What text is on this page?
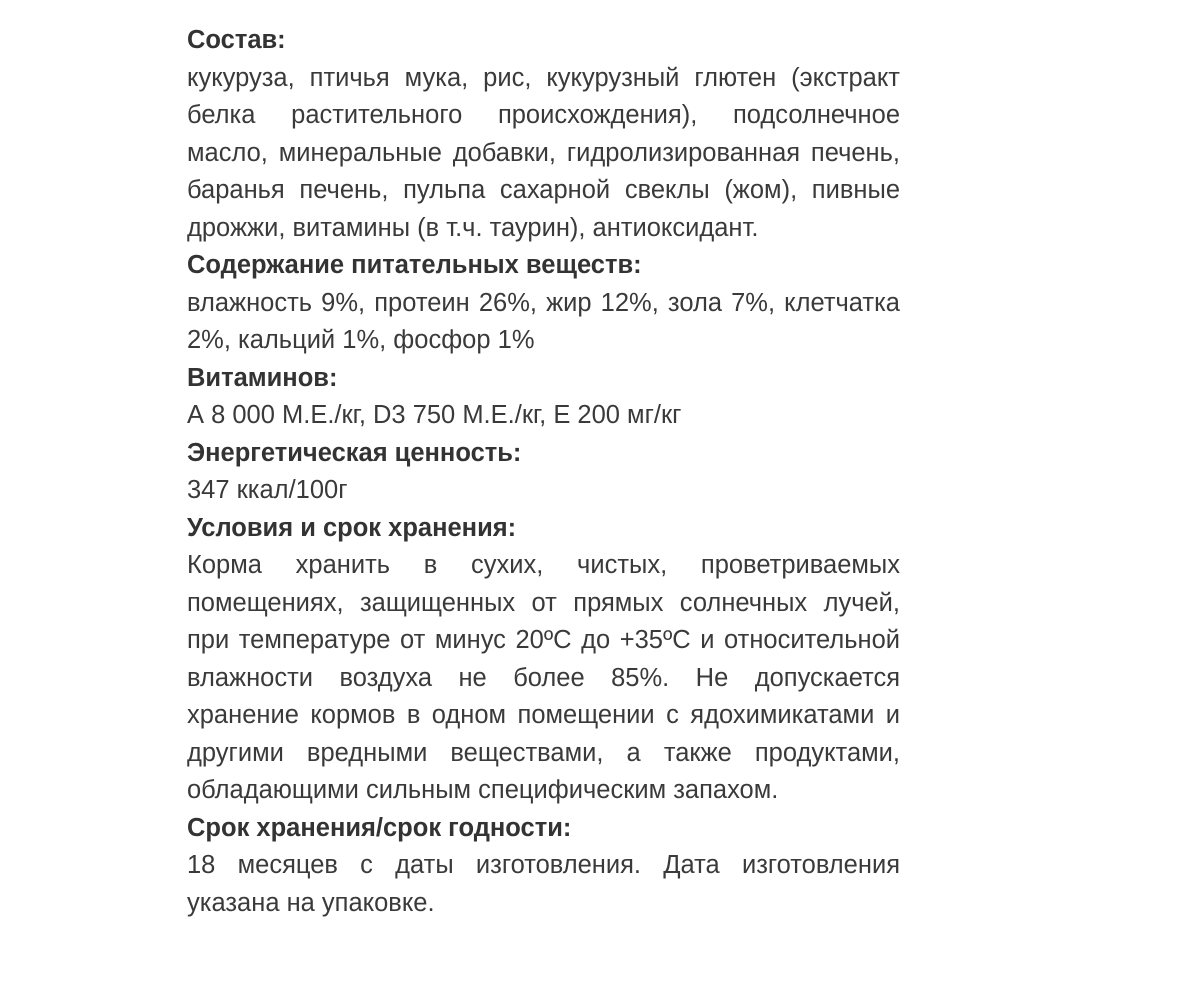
Состав:

кукуруза, птичья мука, рис, кукурузный глютен (экстракт белка растительного происхождения), подсолнечное масло, минеральные добавки, гидролизированная печень, баранья печень, пульпа сахарной свеклы (жом), пивные дрожжи, витамины (в т.ч. таурин), антиоксидант.

Содержание питательных веществ:

влажность 9%, протеин 26%, жир 12%, зола 7%, клетчатка 2%, кальций 1%, фосфор 1%

Витаминов:

А 8 000 М.Е./кг, D3 750 М.Е./кг, Е 200 мг/кг

Энергетическая ценность:

347 ккал/100г

Условия и срок хранения:

Корма хранить в сухих, чистых, проветриваемых помещениях, защищенных от прямых солнечных лучей, при температуре от минус 20ºС до +35ºС и относительной влажности воздуха не более 85%. Не допускается хранение кормов в одном помещении с ядохимикатами и другими вредными веществами, а также продуктами, обладающими сильным специфическим запахом.

Срок хранения/срок годности:

18 месяцев с даты изготовления. Дата изготовления указана на упаковке.
